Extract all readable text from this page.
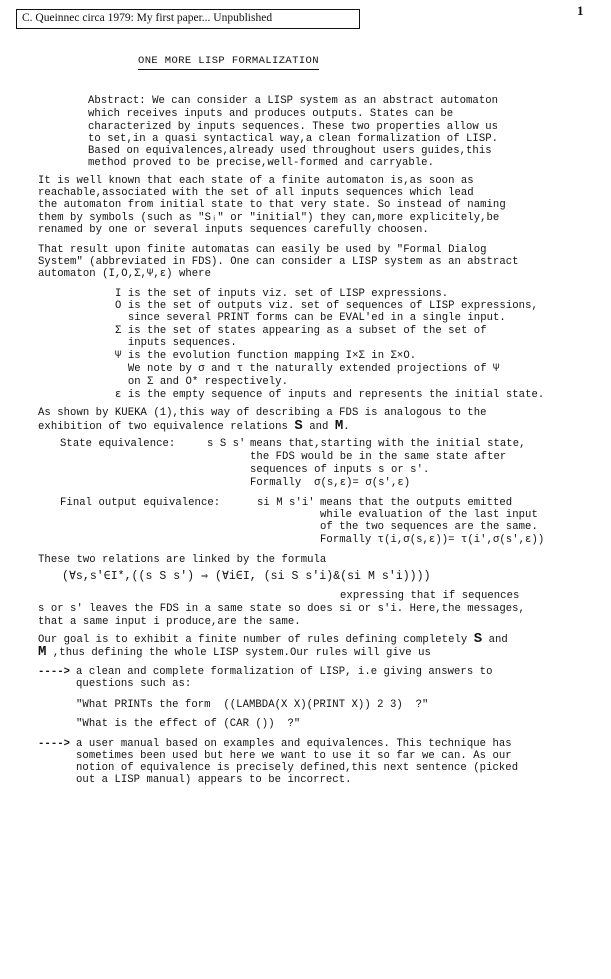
C. Queinnec circa 1979: My first paper... Unpublished	1
ONE MORE LISP FORMALIZATION
Abstract: We can consider a LISP system as an abstract automaton
which receives inputs and produces outputs. States can be
characterized by inputs sequences. These two properties allow us
to set,in a quasi syntactical way,a clean formalization of LISP.
Based on equivalences,already used throughout users guides,this
method proved to be precise,well-formed and carryable.
It is well known that each state of a finite automaton is,as soon as
reachable,associated with the set of all inputs sequences which lead
the automaton from initial state to that very state. So instead of naming
them by symbols (such as "Sᵢ" or "initial") they can,more explicitely,be
renamed by one or several inputs sequences carefully choosen.
That result upon finite automatas can easily be used by "Formal Dialog
System" (abbreviated in FDS). One can consider a LISP system as an abstract
automaton (I,O,Σ,Ψ,ε) where
I is the set of inputs viz. set of LISP expressions.
O is the set of outputs viz. set of sequences of LISP expressions,
since several PRINT forms can be EVAL'ed in a single input.
Σ is the set of states appearing as a subset of the set of
inputs sequences.
Ψ is the evolution function mapping I×Σ in Σ×O.
We note by σ and τ the naturally extended projections of Ψ
on Σ and O* respectively.
ε is the empty sequence of inputs and represents the initial state.
As shown by KUEKA (1),this way of describing a FDS is analogous to the
exhibition of two equivalence relations S and M.
State equivalence:	s S s' means that,starting with the initial state,
the FDS would be in the same state after
sequences of inputs s or s'.
Formally  σ(s,ε)= σ(s',ε)
Final output equivalence:	si M s'i' means that the outputs emitted
while evaluation of the last input
of the two sequences are the same.
Formally τ(i,σ(s,ε))= τ(i',σ(s',ε))
These two relations are linked by the formula
(∀s,s'∈I*,((s S s') ⇒ (∀i∈I, (si S s'i)&(si M s'i))))
expressing that if sequences
s or s' leaves the FDS in a same state so does si or s'i. Here,the messages,
that a same input i produce,are the same.
Our goal is to exhibit a finite number of rules defining completely S and
M ,thus defining the whole LISP system.Our rules will give us
----> a clean and complete formalization of LISP, i.e giving answers to
questions such as:
"What PRINTs the form  ((LAMBDA(X X)(PRINT X)) 2 3)  ?"
"What is the effect of (CAR ())  ?"
----> a user manual based on examples and equivalences. This technique has
sometimes been used but here we want to use it so far we can. As our
notion of equivalence is precisely defined,this next sentence (picked
out a LISP manual) appears to be incorrect.
